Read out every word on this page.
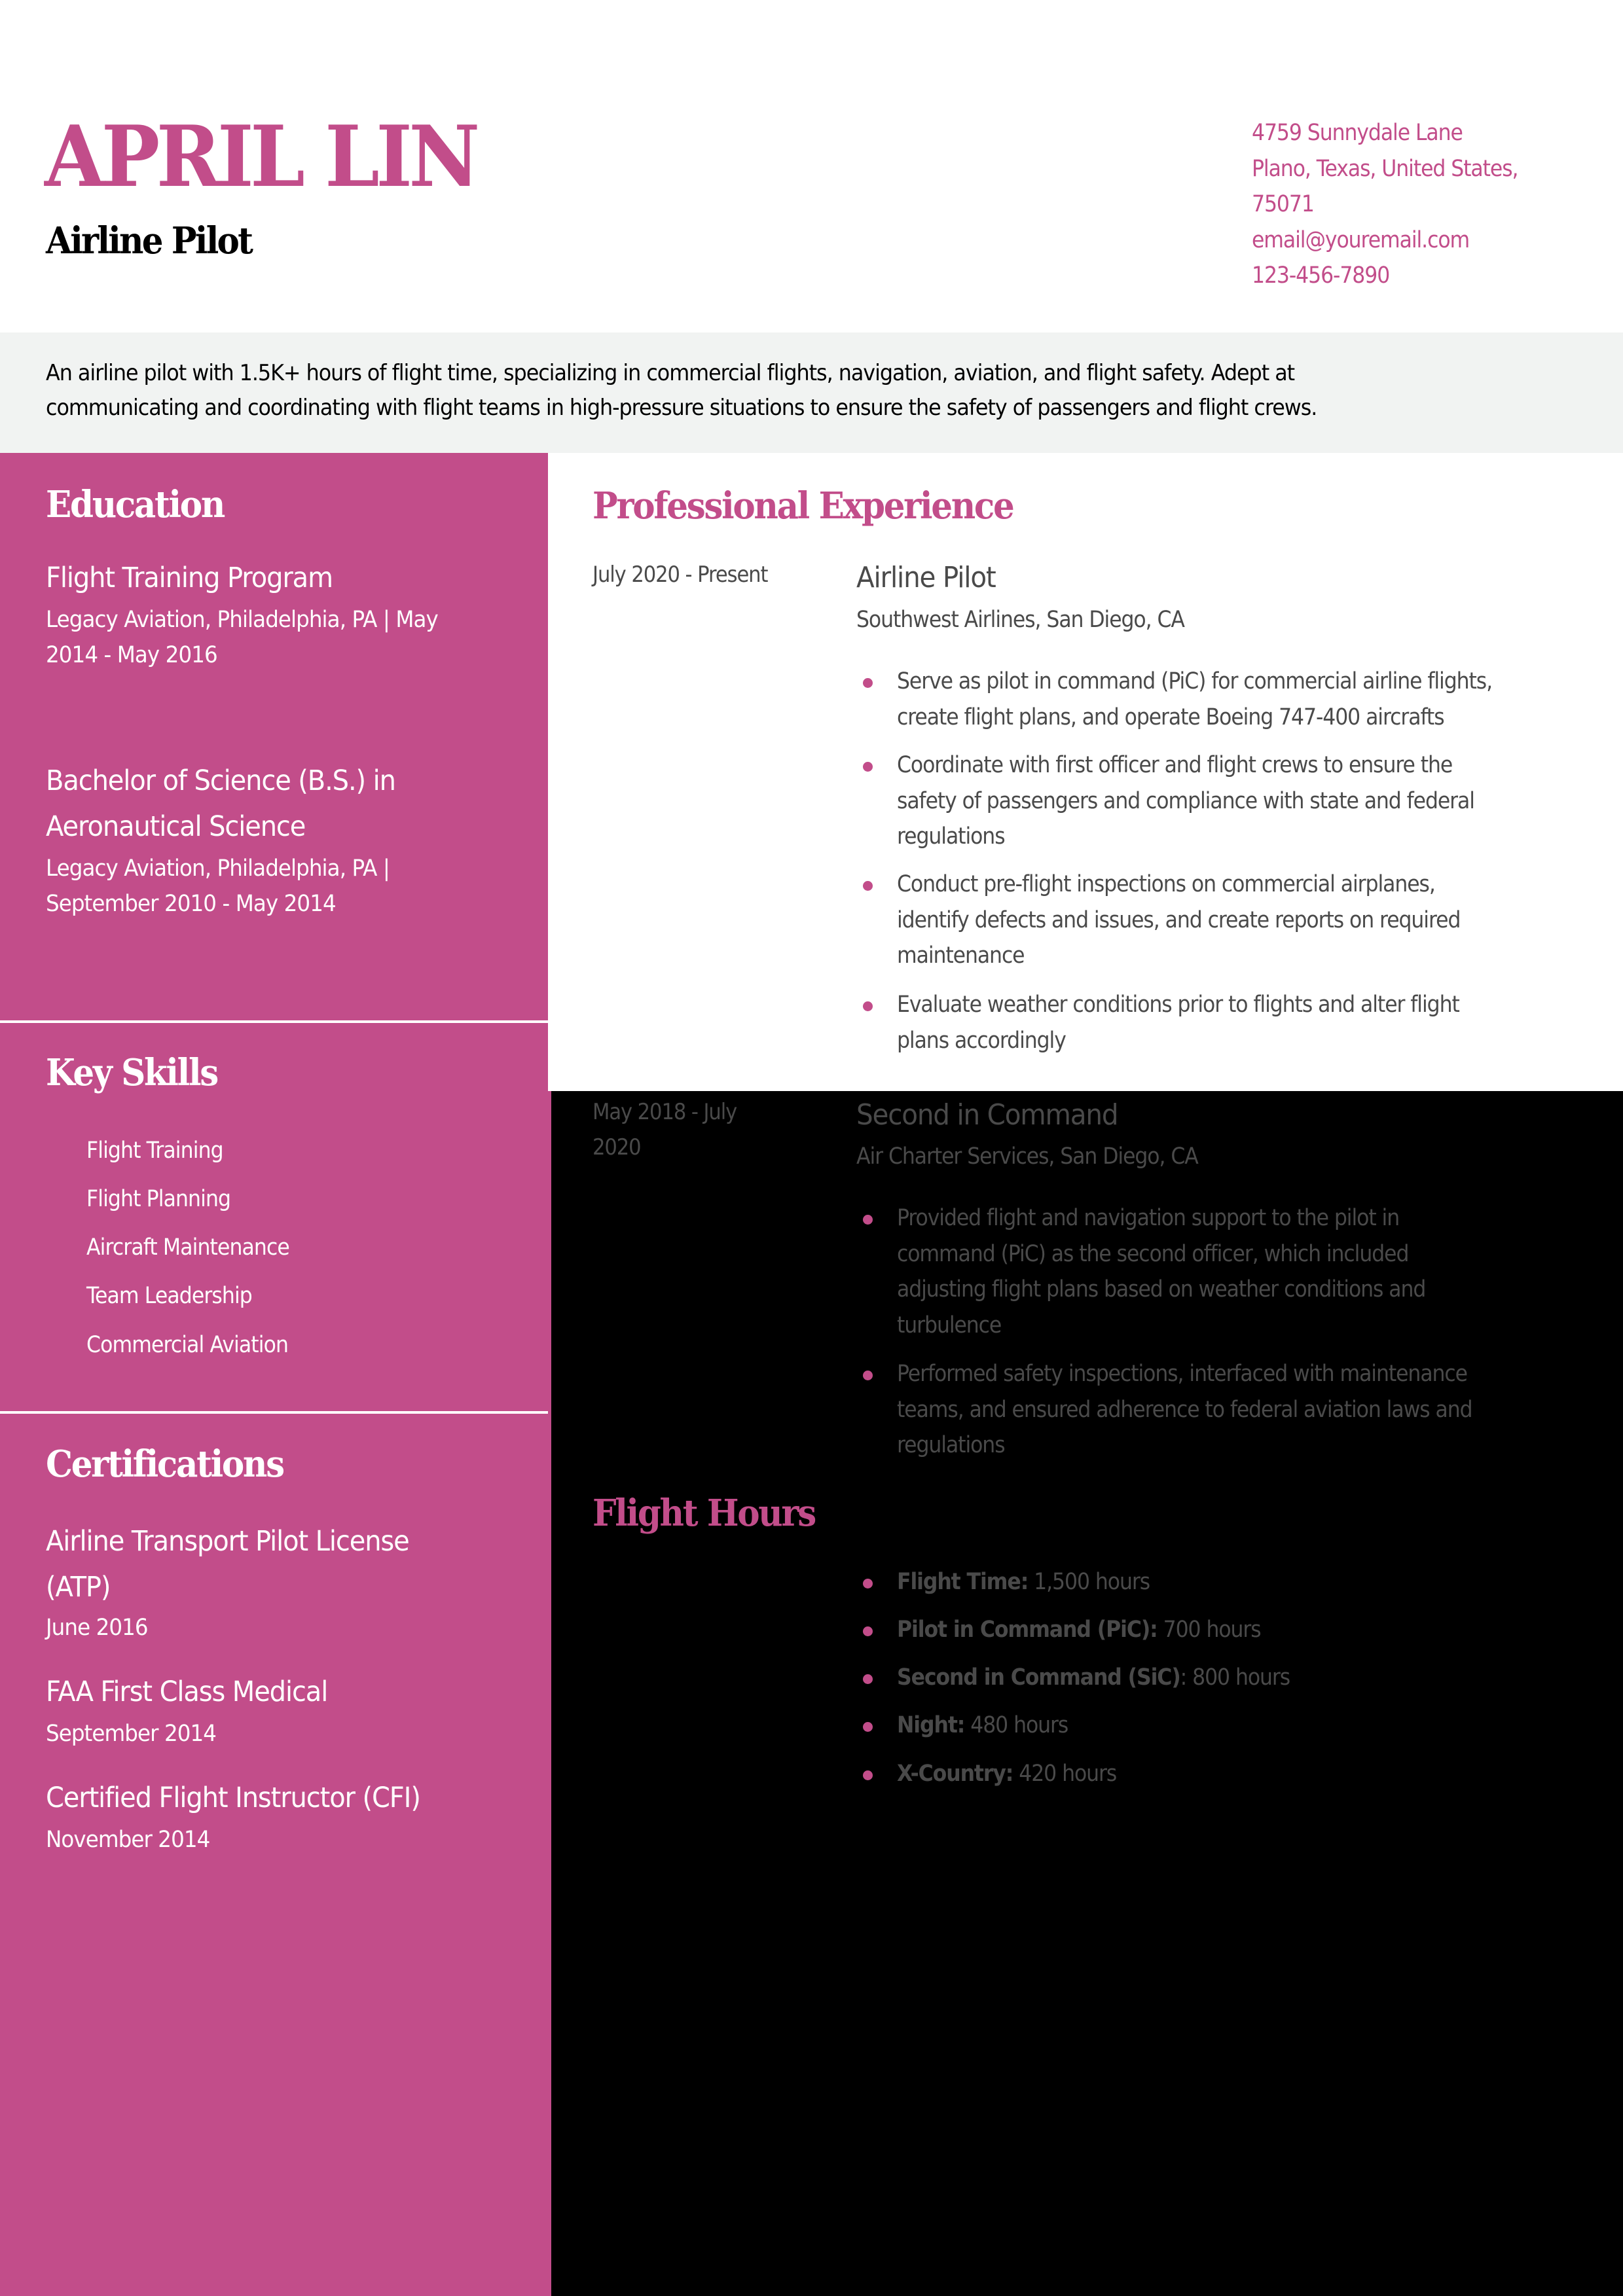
APRIL LIN
Airline Pilot
4759 Sunnydale Lane
Plano, Texas, United States,
75071
email@youremail.com
123-456-7890
An airline pilot with 1.5K+ hours of flight time, specializing in commercial flights, navigation, aviation, and flight safety. Adept at
communicating and coordinating with flight teams in high-pressure situations to ensure the safety of passengers and flight crews.
Education
Flight Training Program
Legacy Aviation, Philadelphia, PA | May
2014 - May 2016
Bachelor of Science (B.S.) in
Aeronautical Science
Legacy Aviation, Philadelphia, PA |
September 2010 - May 2014
Key Skills
Flight Training
Flight Planning
Aircraft Maintenance
Team Leadership
Commercial Aviation
Certifications
Airline Transport Pilot License
(ATP)
June 2016
FAA First Class Medical
September 2014
Certified Flight Instructor (CFI)
November 2014
Professional Experience
July 2020 - Present	Airline Pilot
Southwest Airlines, San Diego, CA
Serve as pilot in command (PiC) for commercial airline flights,
create flight plans, and operate Boeing 747-400 aircrafts
Coordinate with first officer and flight crews to ensure the
safety of passengers and compliance with state and federal
regulations
Conduct pre-flight inspections on commercial airplanes,
identify defects and issues, and create reports on required
maintenance
Evaluate weather conditions prior to flights and alter flight
plans accordingly
May 2018 - July
2020
Second in Command
Air Charter Services, San Diego, CA
Provided flight and navigation support to the pilot in
command (PiC) as the second officer, which included
adjusting flight plans based on weather conditions and
turbulence
Performed safety inspections, interfaced with maintenance
teams, and ensured adherence to federal aviation laws and
regulations
Flight Hours
Flight Time: 1,500 hours
Pilot in Command (PiC): 700 hours
Second in Command (SiC): 800 hours
Night: 480 hours
X-Country: 420 hours
